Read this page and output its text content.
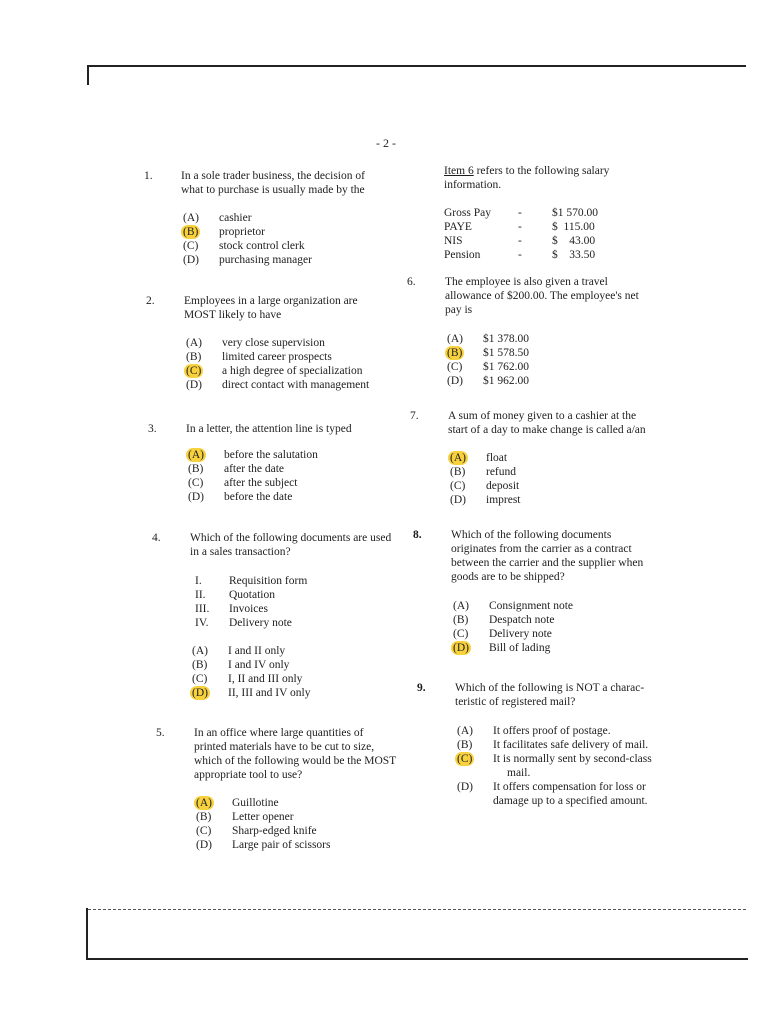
- 2 -
1.	In a sole trader business, the decision of
what to purchase is usually made by the
(A) cashier
(B) proprietor
(C) stock control clerk
(D) purchasing manager
2.	Employees in a large organization are
MOST likely to have
(A) very close supervision
(B) limited career prospects
(C) a high degree of specialization
(D) direct contact with management
3.	In a letter, the attention line is typed
(A) before the salutation
(B) after the date
(C) after the subject
(D) before the date
4.	Which of the following documents are used
in a sales transaction?
I. Requisition form
II. Quotation
III. Invoices
IV. Delivery note
(A) I and II only
(B) I and IV only
(C) I, II and III only
(D) II, III and IV only
5.	In an office where large quantities of
printed materials have to be cut to size,
which of the following would be the MOST
appropriate tool to use?
(A) Guillotine
(B) Letter opener
(C) Sharp-edged knife
(D) Large pair of scissors
Item 6 refers to the following salary
information.
Gross Pay -	$1 570.00
PAYE	-	$  115.00
NIS	-	$    43.00
Pension	-	$    33.50
6.	The employee is also given a travel
allowance of $200.00. The employee's net
pay is
(A) $1 378.00
(B) $1 578.50
(C) $1 762.00
(D) $1 962.00
7.	A sum of money given to a cashier at the
start of a day to make change is called a/an
(A) float
(B) refund
(C) deposit
(D) imprest
8.	Which of the following documents
originates from the carrier as a contract
between the carrier and the supplier when
goods are to be shipped?
(A) Consignment note
(B) Despatch note
(C) Delivery note
(D) Bill of lading
9.	Which of the following is NOT a charac-
teristic of registered mail?
(A) It offers proof of postage.
(B) It facilitates safe delivery of mail.
(C) It is normally sent by second-class
mail.
(D) It offers compensation for loss or
damage up to a specified amount.
